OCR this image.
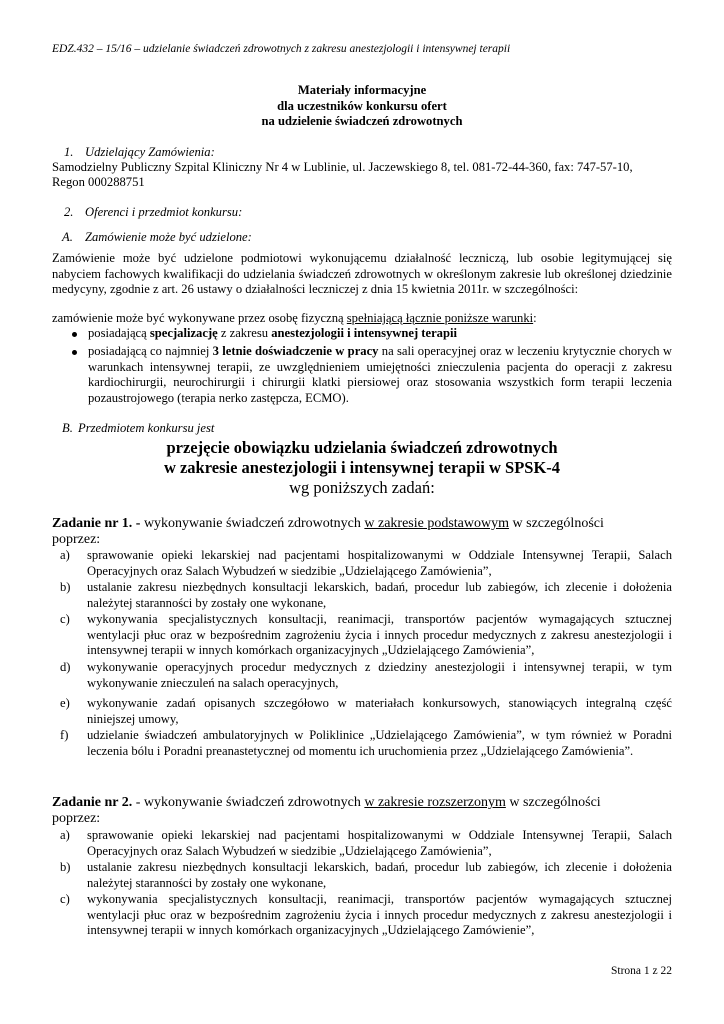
EDZ.432 – 15/16 – udzielanie świadczeń zdrowotnych z zakresu anestezjologii i intensywnej terapii
Materiały informacyjne
dla uczestników konkursu ofert
na udzielenie świadczeń zdrowotnych
1. Udzielający Zamówienia:
Samodzielny Publiczny Szpital Kliniczny Nr 4 w Lublinie, ul. Jaczewskiego 8, tel. 081-72-44-360, fax: 747-57-10,
Regon 000288751
2. Oferenci i przedmiot konkursu:
A. Zamówienie może być udzielone:
Zamówienie może być udzielone podmiotowi wykonującemu działalność leczniczą, lub osobie legitymującej się nabyciem fachowych kwalifikacji do udzielania świadczeń zdrowotnych w określonym zakresie lub określonej dziedzinie medycyny, zgodnie z art. 26 ustawy o działalności leczniczej z dnia 15 kwietnia 2011r. w szczególności:
zamówienie może być wykonywane przez osobę fizyczną spełniającą łącznie poniższe warunki:
posiadającą specjalizację z zakresu anestezjologii i intensywnej terapii
posiadającą co najmniej 3 letnie doświadczenie w pracy na sali operacyjnej oraz w leczeniu krytycznie chorych w warunkach intensywnej terapii, ze uwzględnieniem umiejętności znieczulenia pacjenta do operacji z zakresu kardiochirurgii, neurochirurgii i chirurgii klatki piersiowej oraz stosowania wszystkich form terapii leczenia pozaustrojowego (terapia nerko zastępcza, ECMO).
B. Przedmiotem konkursu jest
przejęcie obowiązku udzielania świadczeń zdrowotnych
w zakresie anestezjologii i intensywnej terapii w SPSK-4
wg poniższych zadań:
Zadanie nr 1. - wykonywanie świadczeń zdrowotnych w zakresie podstawowym w szczególności
poprzez:
a) sprawowanie opieki lekarskiej nad pacjentami hospitalizowanymi w Oddziale Intensywnej Terapii, Salach Operacyjnych oraz Salach Wybudzeń w siedzibie „Udzielającego Zamówienia”,
b) ustalanie zakresu niezbędnych konsultacji lekarskich, badań, procedur lub zabiegów, ich zlecenie i dołożenia należytej staranności by zostały one wykonane,
c) wykonywania specjalistycznych konsultacji, reanimacji, transportów pacjentów wymagających sztucznej wentylacji płuc oraz w bezpośrednim zagrożeniu życia i innych procedur medycznych z zakresu anestezjologii i intensywnej terapii w innych komórkach organizacyjnych „Udzielającego Zamówienia”,
d) wykonywanie operacyjnych procedur medycznych z dziedziny anestezjologii i intensywnej terapii, w tym wykonywanie znieczuleń na salach operacyjnych,
e) wykonywanie zadań opisanych szczegółowo w materiałach konkursowych, stanowiących integralną część niniejszej umowy,
f) udzielanie świadczeń ambulatoryjnych w Poliklinice „Udzielającego Zamówienia”, w tym również w Poradni leczenia bólu i Poradni preanastetycznej od momentu ich uruchomienia przez „Udzielającego Zamówienia”.
Zadanie nr 2. - wykonywanie świadczeń zdrowotnych w zakresie rozszerzonym w szczególności
poprzez:
a) sprawowanie opieki lekarskiej nad pacjentami hospitalizowanymi w Oddziale Intensywnej Terapii, Salach Operacyjnych oraz Salach Wybudzeń w siedzibie „Udzielającego Zamówienia”,
b) ustalanie zakresu niezbędnych konsultacji lekarskich, badań, procedur lub zabiegów, ich zlecenie i dołożenia należytej staranności by zostały one wykonane,
c) wykonywania specjalistycznych konsultacji, reanimacji, transportów pacjentów wymagających sztucznej wentylacji płuc oraz w bezpośrednim zagrożeniu życia i innych procedur medycznych z zakresu anestezjologii i intensywnej terapii w innych komórkach organizacyjnych „Udzielającego Zamówienie”,
Strona 1 z 22
